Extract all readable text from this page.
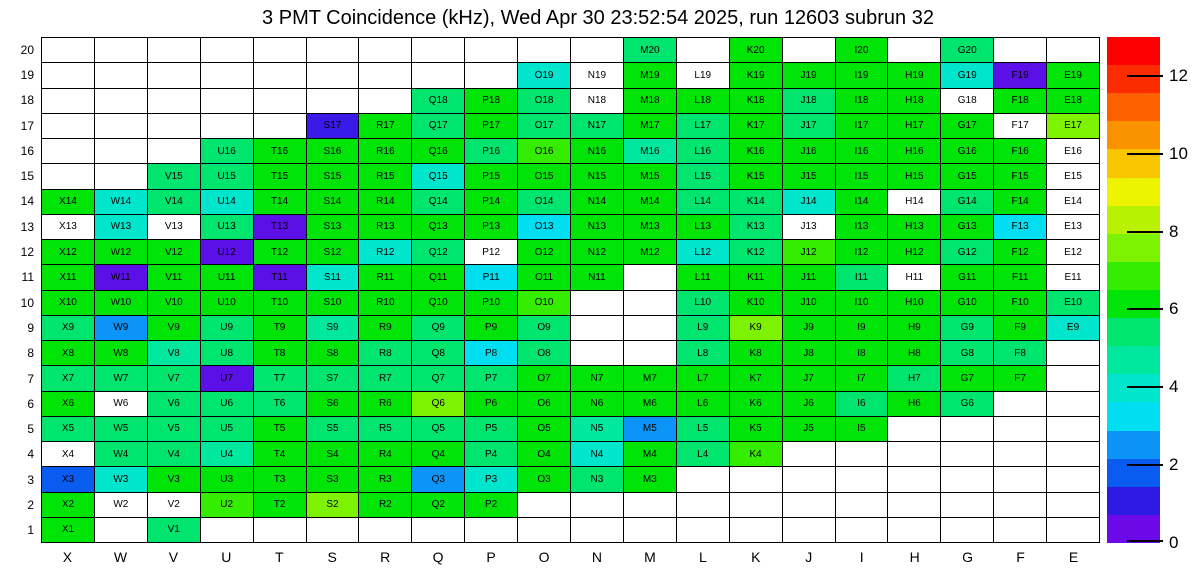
3 PMT Coincidence (kHz), Wed Apr 30 23:52:54 2025, run 12603 subrun 32
M20	K20	I20	G20
O19	N19	M19	L19	K19	J19	I19	H19	G19	F19	E19
Q18	P18	O18	N18	M18	L18	K18	J18	I18	H18	G18	F18	E18
S17	R17	Q17	P17	O17	N17	M17	L17	K17	J17	I17	H17	G17	F17	E17
U16	T16	S16	R16	Q16	P16	O16	N16	M16	L16	K16	J16	I16	H16	G16	F16	E16
V15	U15	T15	S15	R15	Q15	P15	O15	N15	M15	L15	K15	J15	I15	H15	G15	F15	E15
X14	W14	V14	U14	T14	S14	R14	Q14	P14	O14	N14	M14	L14	K14	J14	I14	H14	G14	F14	E14
X13	W13	V13	U13	T13	S13	R13	Q13	P13	O13	N13	M13	L13	K13	J13	I13	H13	G13	F13	E13
X12	W12	V12	U12	T12	S12	R12	Q12	P12	O12	N12	M12	L12	K12	J12	I12	H12	G12	F12	E12
X11	W11	V11	U11	T11	S11	R11	Q11	P11	O11	N11	L11	K11	J11	I11	H11	G11	F11	E11
X10	W10	V10	U10	T10	S10	R10	Q10	P10	O10	L10	K10	J10	I10	H10	G10	F10	E10
X9	W9	V9	U9	T9	S9	R9	Q9	P9	O9	L9	K9	J9	I9	H9	G9	F9	E9
X8	W8	V8	U8	T8	S8	R8	Q8	P8	O8	L8	K8	J8	I8	H8	G8	F8
X7	W7	V7	U7	T7	S7	R7	Q7	P7	O7	N7	M7	L7	K7	J7	I7	H7	G7	F7
X6	W6	V6	U6	T6	S6	R6	Q6	P6	O6	N6	M6	L6	K6	J6	I6	H6	G6
X5	W5	V5	U5	T5	S5	R5	Q5	P5	O5	N5	M5	L5	K5	J5	I5
X4	W4	V4	U4	T4	S4	R4	Q4	P4	O4	N4	M4	L4	K4
X3	W3	V3	U3	T3	S3	R3	Q3	P3	O3	N3	M3
X2	W2	V2	U2	T2	S2	R2	Q2	P2
X1	V1
20
19
18
17
16
15
14
13
12
11
10
9
8
7
6
5
4
3
2
1
X	W	V	U	T	S	R	Q	P	O	N	M	L	K	J	I	H	G	F	E
12
10
8
6
4
2
0
